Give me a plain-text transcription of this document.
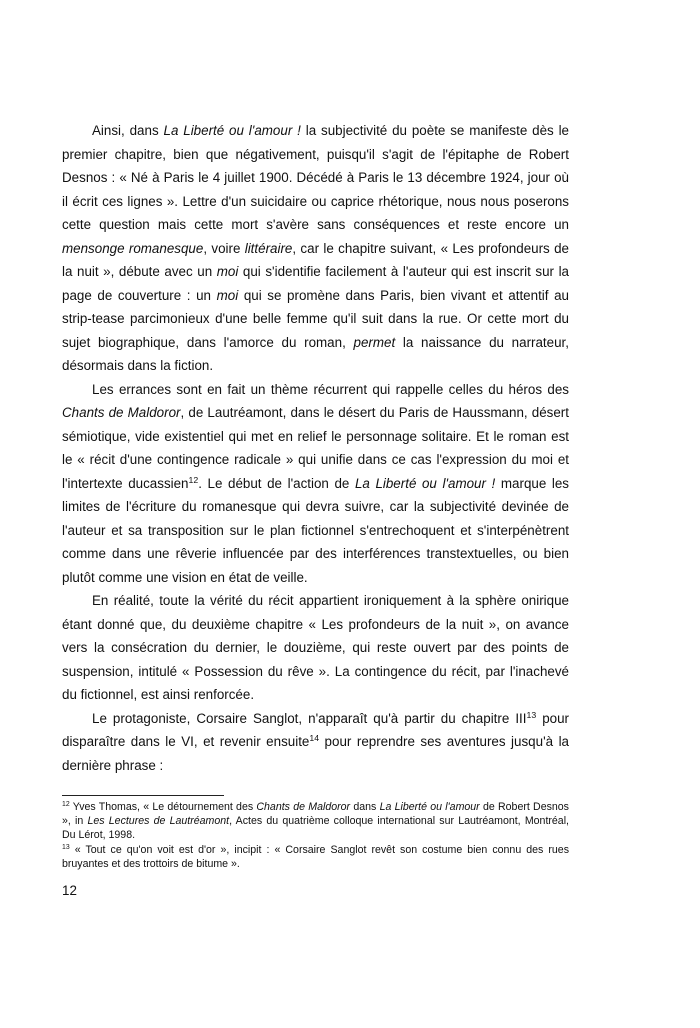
Ainsi, dans La Liberté ou l'amour ! la subjectivité du poète se manifeste dès le premier chapitre, bien que négativement, puisqu'il s'agit de l'épitaphe de Robert Desnos : « Né à Paris le 4 juillet 1900. Décédé à Paris le 13 décembre 1924, jour où il écrit ces lignes ». Lettre d'un suicidaire ou caprice rhétorique, nous nous poserons cette question mais cette mort s'avère sans conséquences et reste encore un mensonge romanesque, voire littéraire, car le chapitre suivant, « Les profondeurs de la nuit », débute avec un moi qui s'identifie facilement à l'auteur qui est inscrit sur la page de couverture : un moi qui se promène dans Paris, bien vivant et attentif au strip-tease parcimonieux d'une belle femme qu'il suit dans la rue. Or cette mort du sujet biographique, dans l'amorce du roman, permet la naissance du narrateur, désormais dans la fiction.

Les errances sont en fait un thème récurrent qui rappelle celles du héros des Chants de Maldoror, de Lautréamont, dans le désert du Paris de Haussmann, désert sémiotique, vide existentiel qui met en relief le personnage solitaire. Et le roman est le « récit d'une contingence radicale » qui unifie dans ce cas l'expression du moi et l'intertexte ducassien$^{12}$. Le début de l'action de La Liberté ou l'amour ! marque les limites de l'écriture du romanesque qui devra suivre, car la subjectivité devinée de l'auteur et sa transposition sur le plan fictionnel s'entrechoquent et s'interpénètrent comme dans une rêverie influencée par des interférences transtextuelles, ou bien plutôt comme une vision en état de veille.

En réalité, toute la vérité du récit appartient ironiquement à la sphère onirique étant donné que, du deuxième chapitre « Les profondeurs de la nuit », on avance vers la consécration du dernier, le douzième, qui reste ouvert par des points de suspension, intitulé « Possession du rêve ». La contingence du récit, par l'inachevé du fictionnel, est ainsi renforcée.

Le protagoniste, Corsaire Sanglot, n'apparaît qu'à partir du chapitre III$^{13}$ pour disparaître dans le VI, et revenir ensuite$^{14}$ pour reprendre ses aventures jusqu'à la dernière phrase :

$^{12}$ Yves Thomas, « Le détournement des Chants de Maldoror dans La Liberté ou l'amour de Robert Desnos », in Les Lectures de Lautréamont, Actes du quatrième colloque international sur Lautréamont, Montréal, Du Lérot, 1998.

$^{13}$ « Tout ce qu'on voit est d'or », incipit : « Corsaire Sanglot revêt son costume bien connu des rues bruyantes et des trottoirs de bitume ».

12
